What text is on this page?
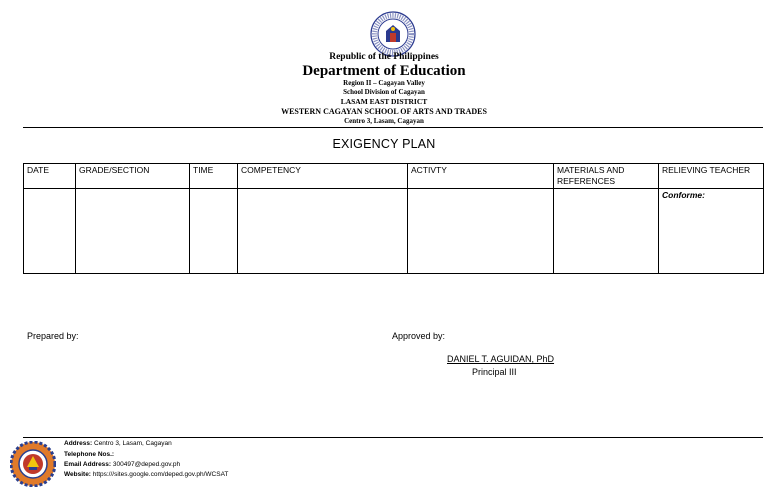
Republic of the Philippines
Department of Education
Region II – Cagayan Valley
School Division of Cagayan
LASAM EAST DISTRICT
WESTERN CAGAYAN SCHOOL OF ARTS AND TRADES
Centro 3, Lasam, Cagayan
EXIGENCY PLAN
DATE	GRADE/SECTION	TIME	COMPETENCY	ACTIVTY	MATERIALS AND REFERENCES	RELIEVING TEACHER
						Conforme:
Prepared by:	Approved by:
DANIEL T. AGUIDAN, PhD
Principal III
Address: Centro 3, Lasam, Cagayan
Telephone Nos.:
Email Address: 300497@deped.gov.ph
Website: https:///sites.google.com/deped.gov.ph/WCSAT
